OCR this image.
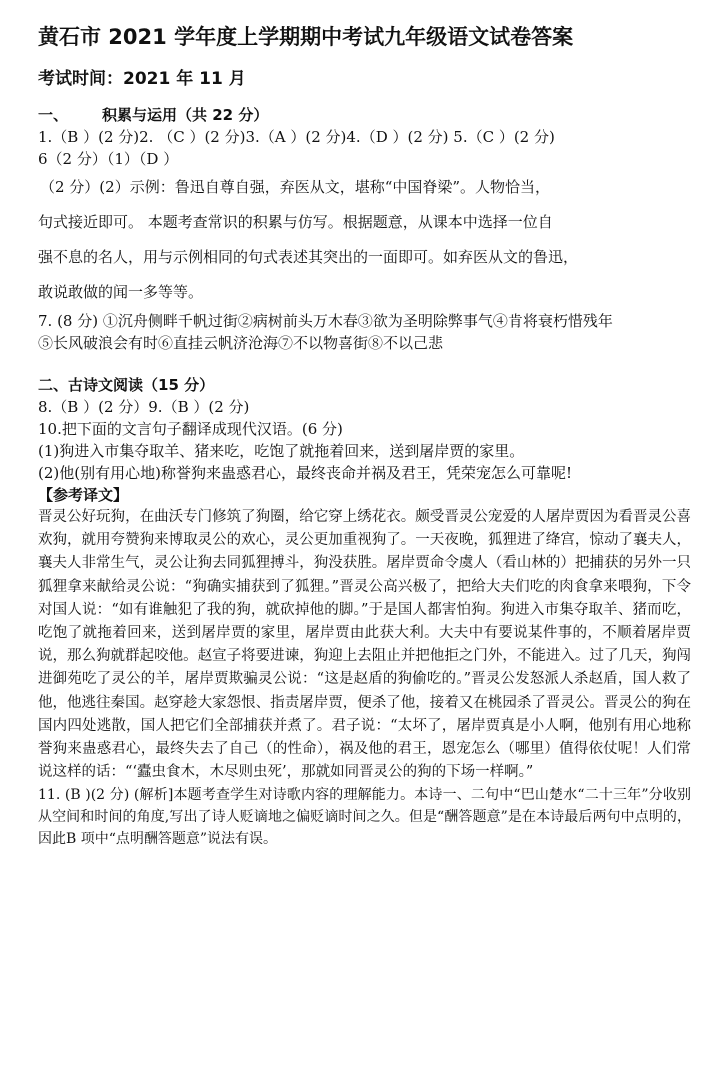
黄石市 2021 学年度上学期期中考试九年级语文试卷答案
考试时间：2021 年 11 月
一、 积累与运用（共 22 分）
1.（B ）(2 分)2. （C ）(2 分)3.（A ）(2 分)4.（D ）(2 分) 5.（C ）(2 分)
6（2 分）（1）（D ）
（2 分）(2）示例：鲁迅自尊自强，弃医从文，堪称“中国脊梁”。人物恰当，
句式接近即可。 本题考查常识的积累与仿写。根据题意，从课本中选择一位自
强不息的名人，用与示例相同的句式表述其突出的一面即可。如弃医从文的鲁迅，
敢说敢做的闻一多等等。
7. (8 分) ①沉舟侧畔千帆过街②病树前头万木春③欲为圣明除弊事气④肯将衰朽惜残年
⑤长风破浪会有时⑥直挂云帆济沧海⑦不以物喜街⑧不以己悲
二、古诗文阅读（15 分）
8.（B ）(2 分）9.（B ）(2 分)
10.把下面的文言句子翻译成现代汉语。(6 分)
(1)狗进入市集夺取羊、猪来吃，吃饱了就拖着回来，送到屠岸贾的家里。
(2)他(别有用心地)称誉狗来蛊惑君心，最终丧命并祸及君王，凭荣宠怎么可靠呢!
【参考译文】
晋灵公好玩狗，在曲沃专门修筑了狗圈，给它穿上绣花衣。颇受晋灵公宠爱的人屠岸贾因为看晋灵公喜欢狗，就用夸赞狗来博取灵公的欢心，灵公更加重视狗了。一天夜晚，狐狸进了绛宫，惊动了襄夫人，襄夫人非常生气，灵公让狗去同狐狸搏斗，狗没获胜。屠岸贾命令虞人（看山林的）把捕获的另外一只狐狸拿来献给灵公说：“狗确实捕获到了狐狸。”晋灵公高兴极了，把给大夫们吃的肉食拿来喂狗，下令对国人说：“如有谁触犯了我的狗，就砍掉他的脚。”于是国人都害怕狗。狗进入市集夺取羊、猪而吃，吃饱了就拖着回来，送到屠岸贾的家里，屠岸贾由此获大利。大夫中有要说某件事的，不顺着屠岸贾说，那么狗就群起咬他。赵宣子将要进谏，狗迎上去阻止并把他拒之门外，不能进入。过了几天，狗闯进御苑吃了灵公的羊，屠岸贾欺骗灵公说：“这是赵盾的狗偷吃的。”晋灵公发怒派人杀赵盾，国人救了他，他逃往秦国。赵穿趁大家怨恨、指责屠岸贾，便杀了他，接着又在桃园杀了晋灵公。晋灵公的狗在国内四处逃散，国人把它们全部捕获并煮了。君子说：“太坏了，屠岸贾真是小人啊，他别有用心地称誉狗来蛊惑君心，最终失去了自己（的性命），祸及他的君王，恩宠怎么（哪里）值得依仗呢！人们常说这样的话：“‘蠹虫食木，木尽则虫死’，那就如同晋灵公的狗的下场一样啊。”
11. (B )(2 分) (解析]本题考查学生对诗歌内容的理解能力。本诗一、二句中“巴山楚水“二十三年”分收别从空间和时间的角度,写出了诗人贬谪地之偏贬谪时间之久。但是“酬答题意”是在本诗最后两句中点明的，因此B 项中“点明酬答题意”说法有误。
